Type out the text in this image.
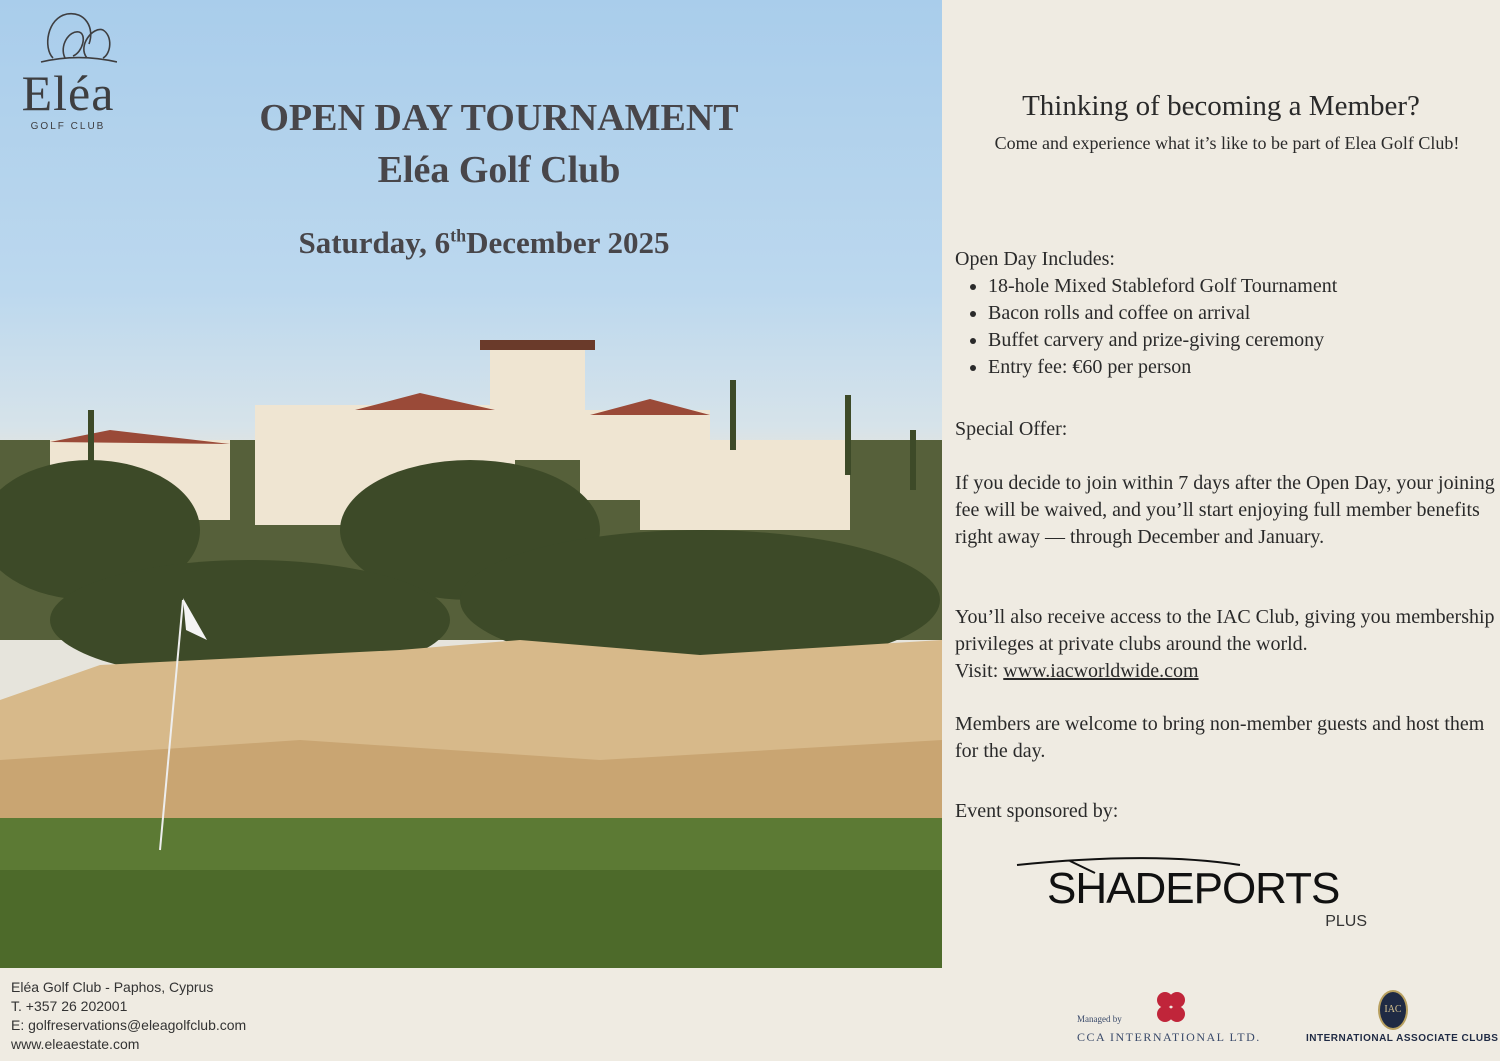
Eléa
GOLF CLUB	OPEN DAY TOURNAMENT
Eléa Golf Club
Saturday, 6thDecember 2025
Thinking of becoming a Member?
Come and experience what it’s like to be part of Elea Golf Club!
Open Day Includes:
• 18-hole Mixed Stableford Golf Tournament
• Bacon rolls and coffee on arrival
• Buffet carvery and prize-giving ceremony
• Entry fee: €60 per person
Special Offer:
If you decide to join within 7 days after the Open Day, your joining fee will be waived, and you’ll start enjoying full member benefits right away — through December and January.
You’ll also receive access to the IAC Club, giving you membership privileges at private clubs around the world.
Visit: www.iacworldwide.com
Members are welcome to bring non-member guests and host them for the day.
Event sponsored by:
SHADEPORTS
PLUS
Eléa Golf Club - Paphos, Cyprus
T. +357 26 202001
E: golfreservations@eleagolfclub.com
www.eleaestate.com
Managed by
CCA INTERNATIONAL LTD.
IAC
INTERNATIONAL ASSOCIATE CLUBS
